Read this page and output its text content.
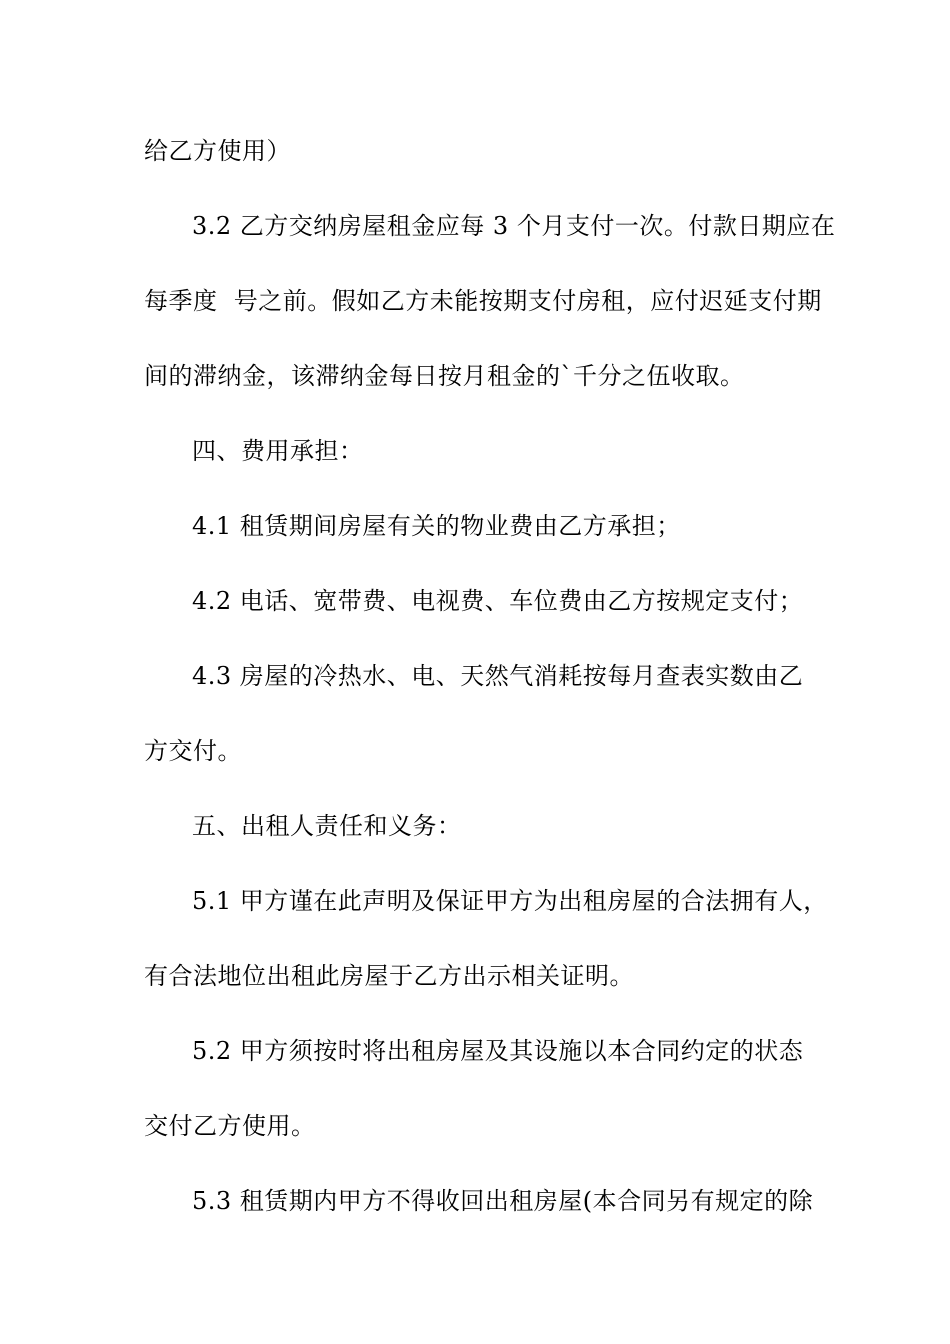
给乙方使用）
3.2 乙方交纳房屋租金应每 3 个月支付一次。付款日期应在
每季度  号之前。假如乙方未能按期支付房租，应付迟延支付期
间的滞纳金，该滞纳金每日按月租金的`千分之伍收取。
四、费用承担：
4.1 租赁期间房屋有关的物业费由乙方承担；
4.2 电话、宽带费、电视费、车位费由乙方按规定支付；
4.3 房屋的冷热水、电、天然气消耗按每月查表实数由乙
方交付。
五、出租人责任和义务：
5.1 甲方谨在此声明及保证甲方为出租房屋的合法拥有人，
有合法地位出租此房屋于乙方出示相关证明。
5.2 甲方须按时将出租房屋及其设施以本合同约定的状态
交付乙方使用。
5.3 租赁期内甲方不得收回出租房屋(本合同另有规定的除
